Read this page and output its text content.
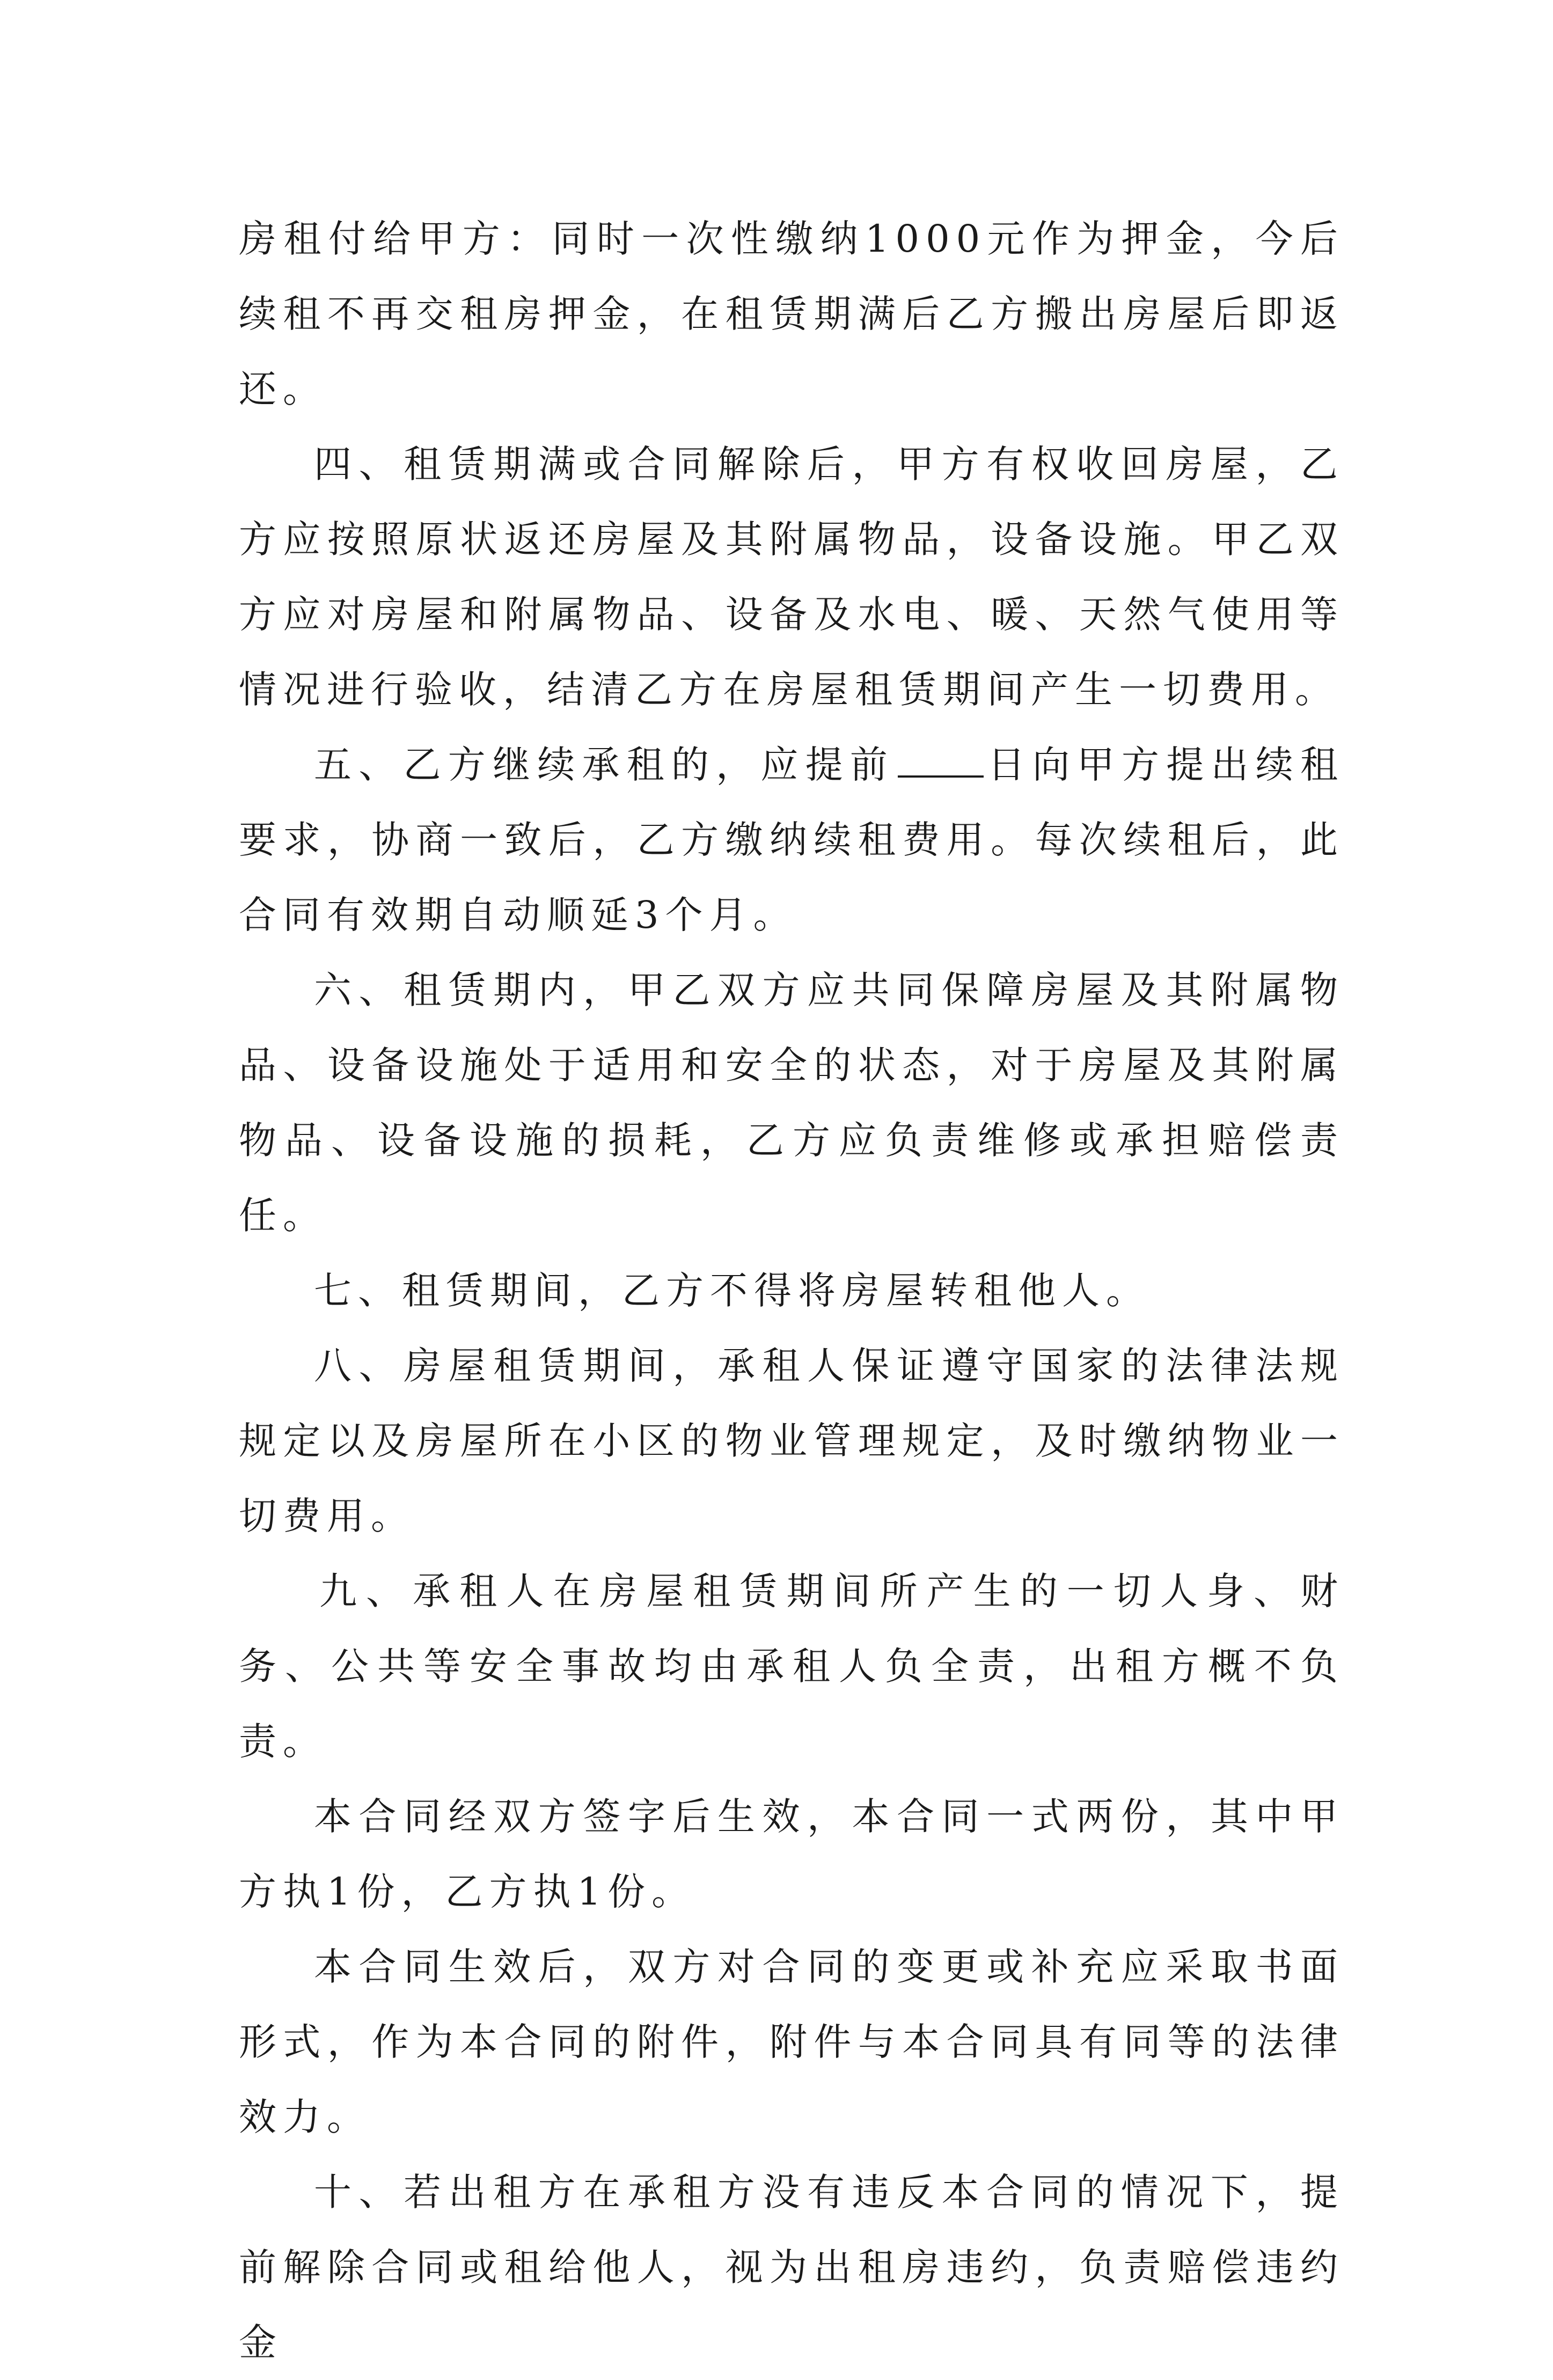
房租付给甲方：同时一次性缴纳1000元作为押金，今后续租不再交租房押金，在租赁期满后乙方搬出房屋后即返还。

四、租赁期满或合同解除后，甲方有权收回房屋，乙方应按照原状返还房屋及其附属物品，设备设施。甲乙双方应对房屋和附属物品、设备及水电、暖、天然气使用等情况进行验收，结清乙方在房屋租赁期间产生一切费用。

五、乙方继续承租的，应提前 日向甲方提出续租要求，协商一致后，乙方缴纳续租费用。每次续租后，此合同有效期自动顺延3个月。

六、租赁期内，甲乙双方应共同保障房屋及其附属物品、设备设施处于适用和安全的状态，对于房屋及其附属物品、设备设施的损耗，乙方应负责维修或承担赔偿责任。

七、租赁期间，乙方不得将房屋转租他人。

八、房屋租赁期间，承租人保证遵守国家的法律法规规定以及房屋所在小区的物业管理规定，及时缴纳物业一切费用。

九、承租人在房屋租赁期间所产生的一切人身、财务、公共等安全事故均由承租人负全责，出租方概不负责。

本合同经双方签字后生效，本合同一式两份，其中甲方执1份，乙方执1份。

本合同生效后，双方对合同的变更或补充应采取书面形式，作为本合同的附件，附件与本合同具有同等的法律效力。

十、若出租方在承租方没有违反本合同的情况下，提前解除合同或租给他人，视为出租房违约，负责赔偿违约金
